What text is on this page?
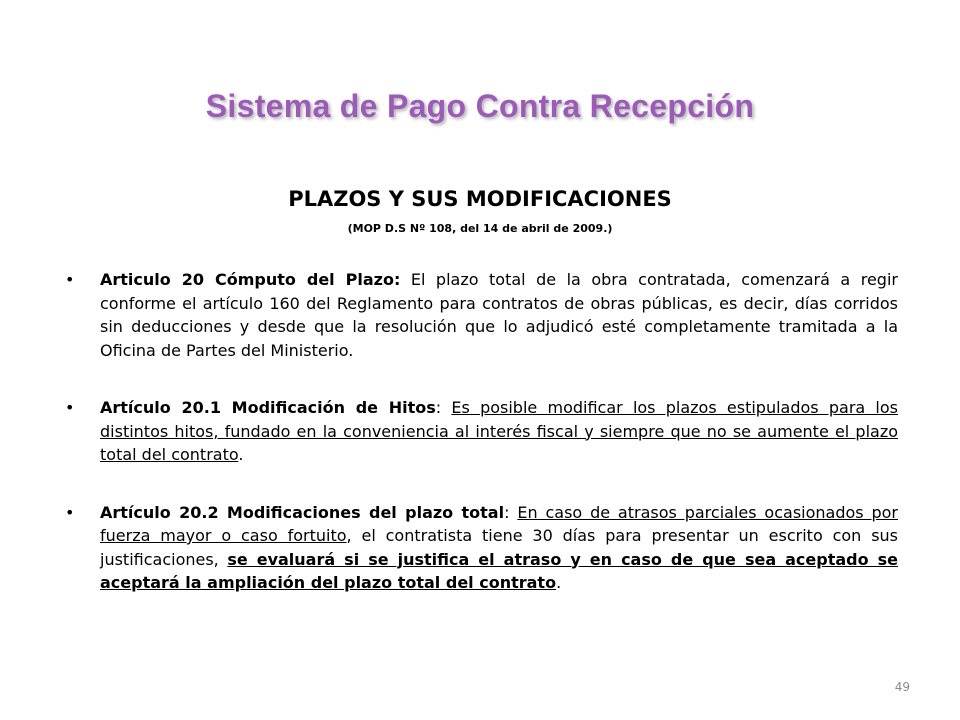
Sistema de Pago Contra Recepción
PLAZOS Y SUS MODIFICACIONES
(MOP D.S Nº 108, del 14 de abril de 2009.)
• Articulo 20 Cómputo del Plazo: El plazo total de la obra contratada, comenzará a regir conforme el artículo 160 del Reglamento para contratos de obras públicas, es decir, días corridos sin deducciones y desde que la resolución que lo adjudicó esté completamente tramitada a la Oficina de Partes del Ministerio.
• Artículo 20.1 Modificación de Hitos: Es posible modificar los plazos estipulados para los distintos hitos, fundado en la conveniencia al interés fiscal y siempre que no se aumente el plazo total del contrato.
• Artículo 20.2 Modificaciones del plazo total: En caso de atrasos parciales ocasionados por fuerza mayor o caso fortuito, el contratista tiene 30 días para presentar un escrito con sus justificaciones, se evaluará si se justifica el atraso y en caso de que sea aceptado se aceptará la ampliación del plazo total del contrato.
49
